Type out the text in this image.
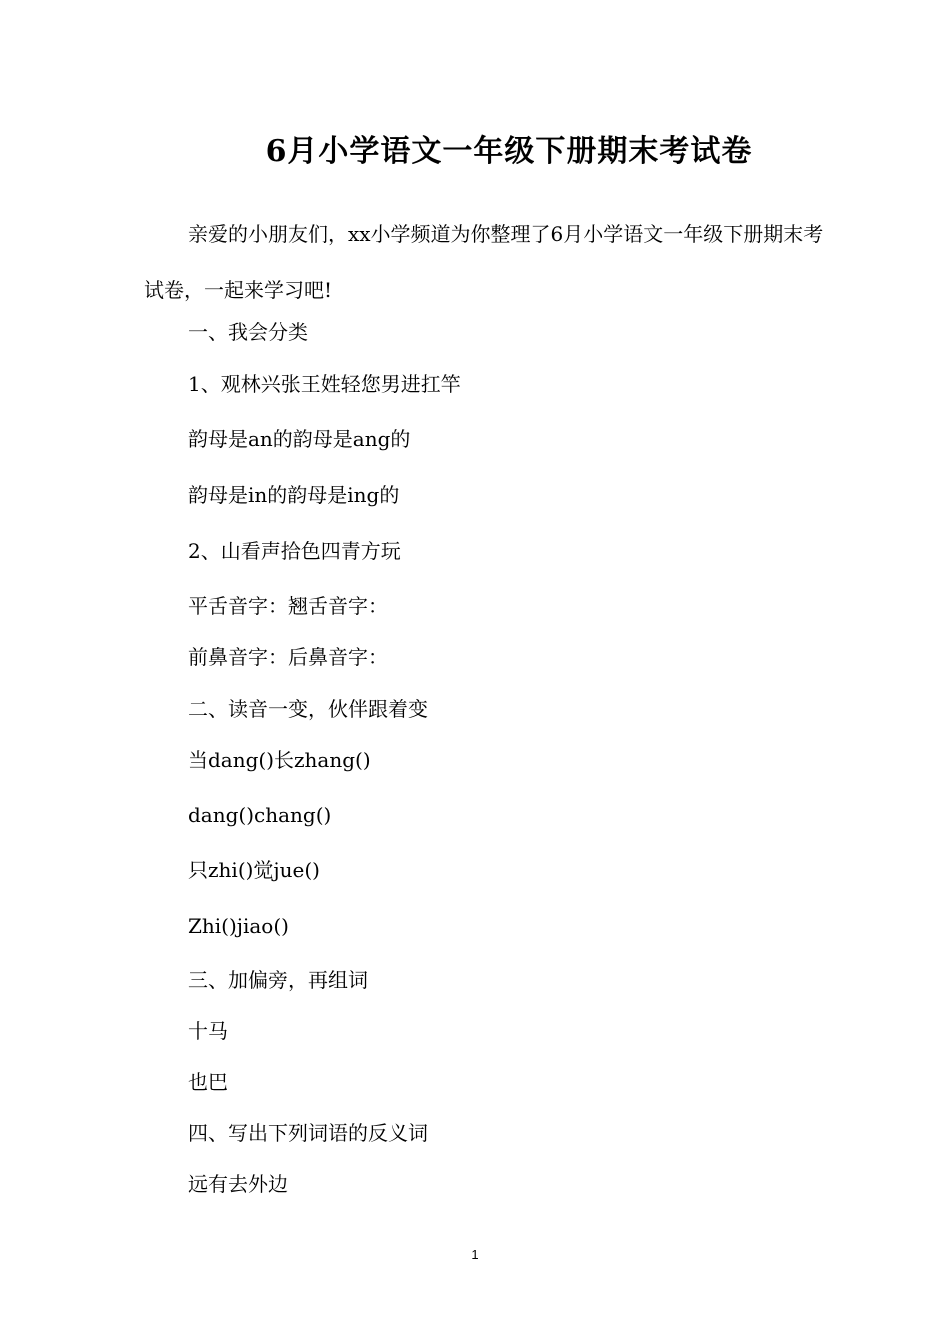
6月小学语文一年级下册期末考试卷
亲爱的小朋友们，xx小学频道为你整理了6月小学语文一年级下册期末考试卷，一起来学习吧!
一、我会分类
1、观林兴张王姓轻您男进扛竿
韵母是an的韵母是ang的
韵母是in的韵母是ing的
2、山看声拾色四青方玩
平舌音字：翘舌音字：
前鼻音字：后鼻音字：
二、读音一变，伙伴跟着变
当dang()长zhang()
dang()chang()
只zhi()觉jue()
Zhi()jiao()
三、加偏旁，再组词
十马
也巴
四、写出下列词语的反义词
远有去外边
1
